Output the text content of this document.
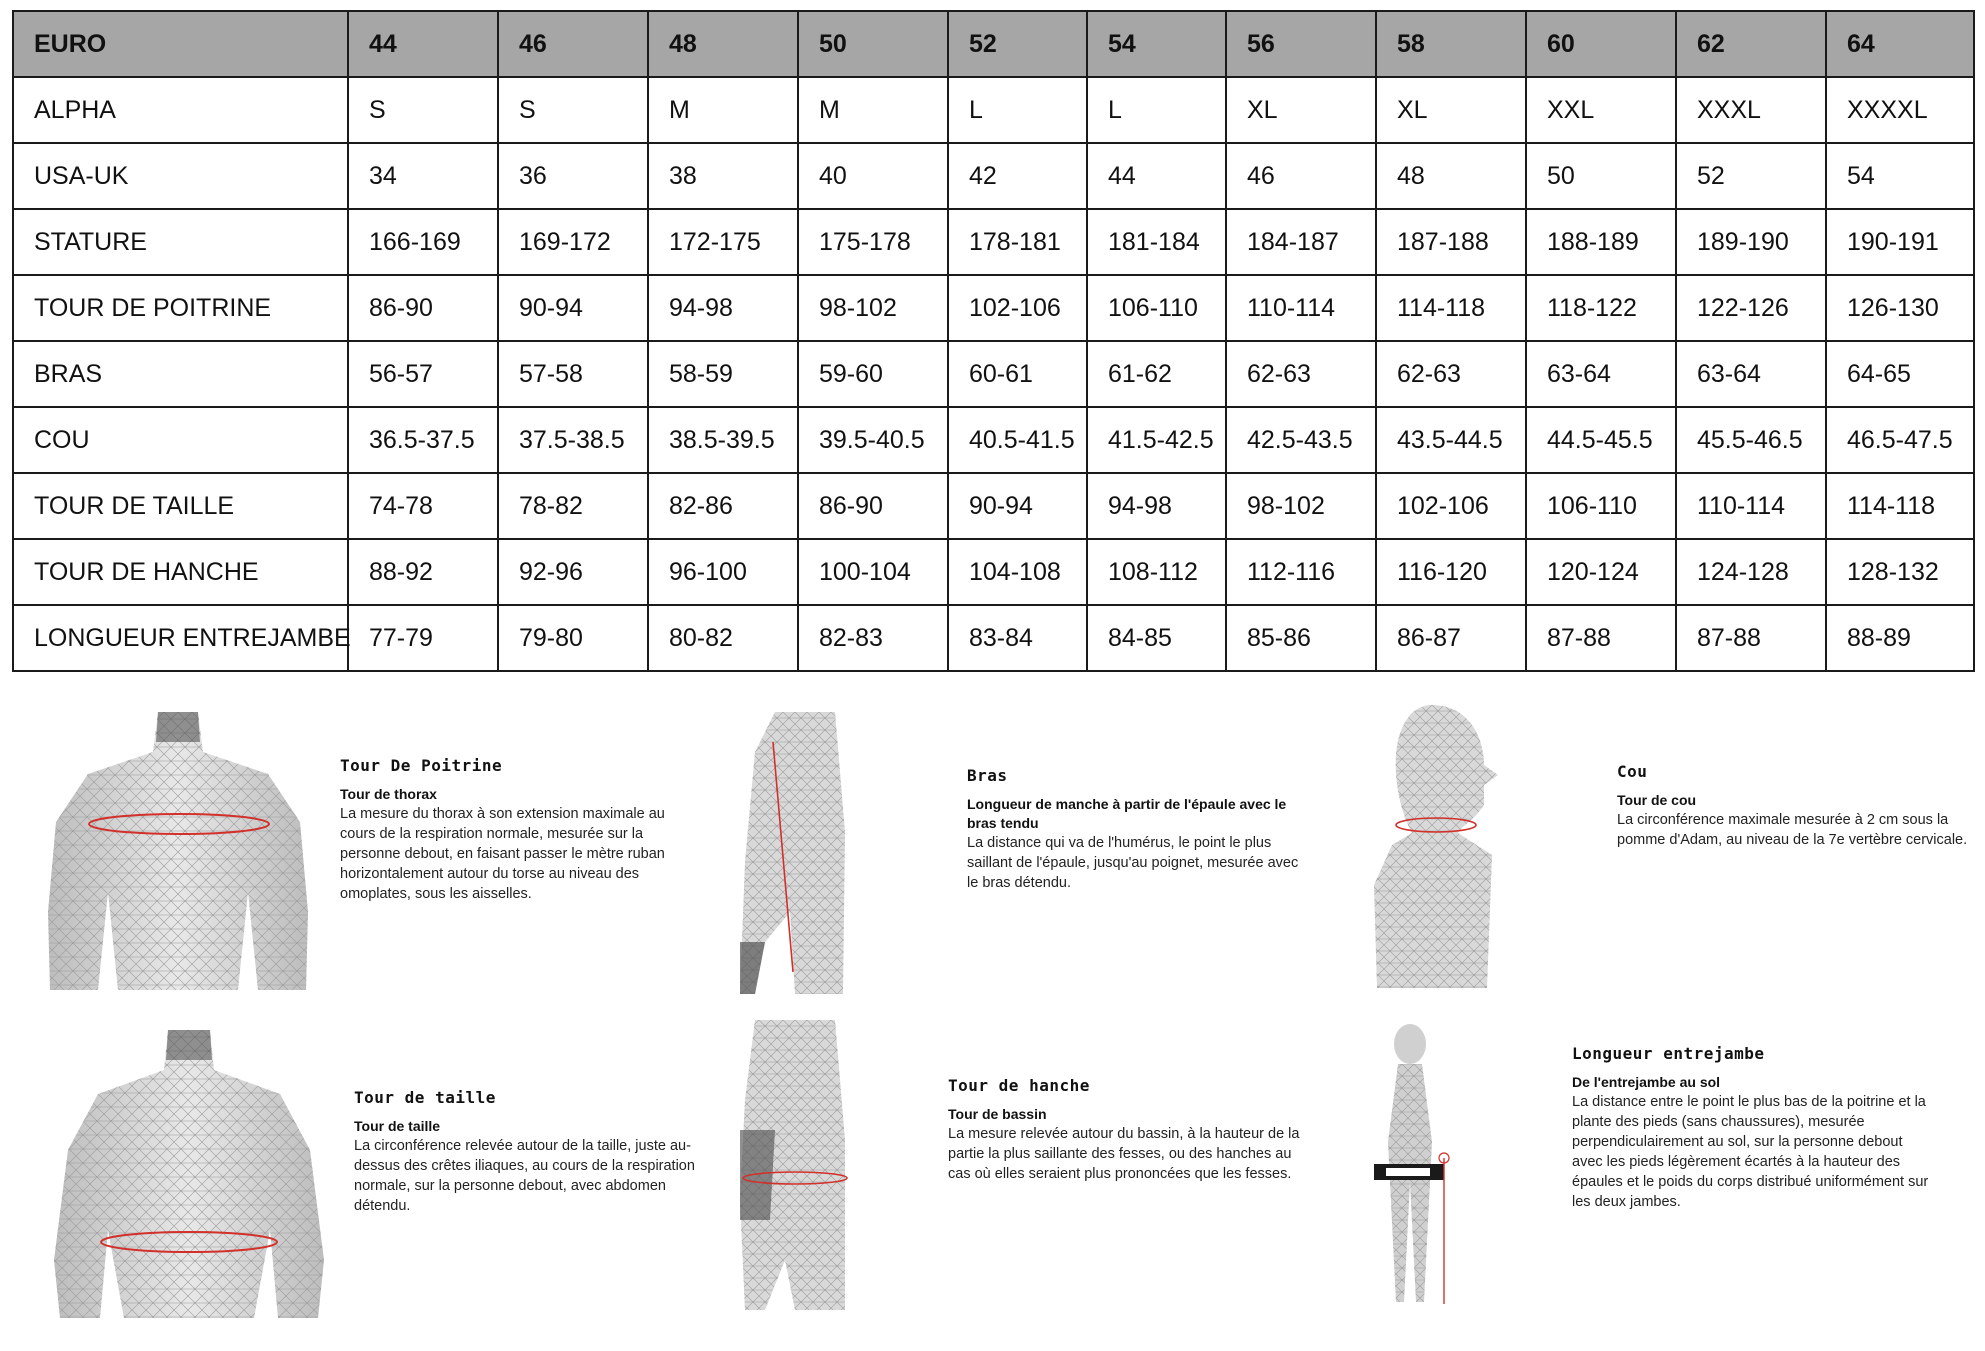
EURO	44	46	48	50	52	54	56	58	60	62	64
ALPHA	S	S	M	M	L	L	XL	XL	XXL	XXXL	XXXXL
USA-UK	34	36	38	40	42	44	46	48	50	52	54
STATURE	166-169	169-172	172-175	175-178	178-181	181-184	184-187	187-188	188-189	189-190	190-191
TOUR DE POITRINE	86-90	90-94	94-98	98-102	102-106	106-110	110-114	114-118	118-122	122-126	126-130
BRAS	56-57	57-58	58-59	59-60	60-61	61-62	62-63	62-63	63-64	63-64	64-65
COU	36.5-37.5	37.5-38.5	38.5-39.5	39.5-40.5	40.5-41.5	41.5-42.5	42.5-43.5	43.5-44.5	44.5-45.5	45.5-46.5	46.5-47.5
TOUR DE TAILLE	74-78	78-82	82-86	86-90	90-94	94-98	98-102	102-106	106-110	110-114	114-118
TOUR DE HANCHE	88-92	92-96	96-100	100-104	104-108	108-112	112-116	116-120	120-124	124-128	128-132
LONGUEUR ENTREJAMBE	77-79	79-80	80-82	82-83	83-84	84-85	85-86	86-87	87-88	87-88	88-89
Tour De Poitrine
Tour de thorax
La mesure du thorax à son extension maximale au cours de la respiration normale, mesurée sur la personne debout, en faisant passer le mètre ruban horizontalement autour du torse au niveau des omoplates, sous les aisselles.
Bras
Longueur de manche à partir de l'épaule avec le bras tendu
La distance qui va de l'humérus, le point le plus saillant de l'épaule, jusqu'au poignet, mesurée avec le bras détendu.
Cou
Tour de cou
La circonférence maximale mesurée à 2 cm sous la pomme d'Adam, au niveau de la 7e vertèbre cervicale.
Tour de taille
Tour de taille
La circonférence relevée autour de la taille, juste au-dessus des crêtes iliaques, au cours de la respiration normale, sur la personne debout, avec abdomen détendu.
Tour de hanche
Tour de bassin
La mesure relevée autour du bassin, à la hauteur de la partie la plus saillante des fesses, ou des hanches au cas où elles seraient plus prononcées que les fesses.
Longueur entrejambe
De l'entrejambe au sol
La distance entre le point le plus bas de la poitrine et la plante des pieds (sans chaussures), mesurée perpendiculairement au sol, sur la personne debout avec les pieds légèrement écartés à la hauteur des épaules et le poids du corps distribué uniformément sur les deux jambes.
